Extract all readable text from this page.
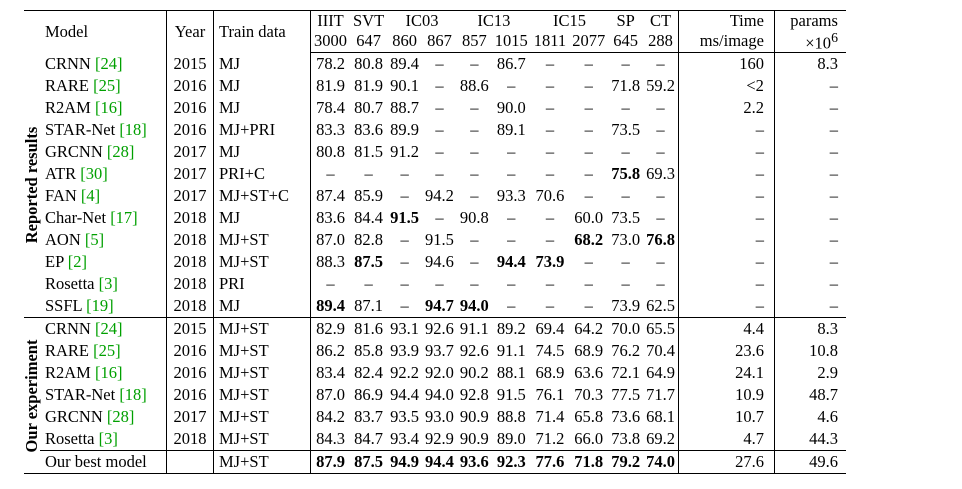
	Model	Year	Train data	IIIT	SVT	IC03		IC13		IC15		SP	CT	Time	params
				3000	647	860	867	857	1015	1811	2077	645	288	ms/image	$\times 10^6$

Reported results	CRNN [24]	2015	MJ	78.2	80.8	89.4	–	–	86.7	–	–	–	–	160	8.3
	RARE [25]	2016	MJ	81.9	81.9	90.1	–	88.6	–	–	–	71.8	59.2	<2	–
	R2AM [16]	2016	MJ	78.4	80.7	88.7	–	–	90.0	–	–	–	–	2.2	–
	STAR-Net [18]	2016	MJ+PRI	83.3	83.6	89.9	–	–	89.1	–	–	73.5	–	–	–
	GRCNN [28]	2017	MJ	80.8	81.5	91.2	–	–	–	–	–	–	–	–	–
	ATR [30]	2017	PRI+C	–	–	–	–	–	–	–	–	75.8	69.3	–	–
	FAN [4]	2017	MJ+ST+C	87.4	85.9	–	94.2	–	93.3	70.6	–	–	–	–	–
	Char-Net [17]	2018	MJ	83.6	84.4	91.5	–	90.8	–	–	60.0	73.5	–	–	–
	AON [5]	2018	MJ+ST	87.0	82.8	–	91.5	–	–	–	68.2	73.0	76.8	–	–
	EP [2]	2018	MJ+ST	88.3	87.5	–	94.6	–	94.4	73.9	–	–	–	–	–
	Rosetta [3]	2018	PRI	–	–	–	–	–	–	–	–	–	–	–	–
	SSFL [19]	2018	MJ	89.4	87.1	–	94.7	94.0	–	–	–	73.9	62.5	–	–

Our experiment	CRNN [24]	2015	MJ+ST	82.9	81.6	93.1	92.6	91.1	89.2	69.4	64.2	70.0	65.5	4.4	8.3
	RARE [25]	2016	MJ+ST	86.2	85.8	93.9	93.7	92.6	91.1	74.5	68.9	76.2	70.4	23.6	10.8
	R2AM [16]	2016	MJ+ST	83.4	82.4	92.2	92.0	90.2	88.1	68.9	63.6	72.1	64.9	24.1	2.9
	STAR-Net [18]	2016	MJ+ST	87.0	86.9	94.4	94.0	92.8	91.5	76.1	70.3	77.5	71.7	10.9	48.7
	GRCNN [28]	2017	MJ+ST	84.2	83.7	93.5	93.0	90.9	88.8	71.4	65.8	73.6	68.1	10.7	4.6
	Rosetta [3]	2018	MJ+ST	84.3	84.7	93.4	92.9	90.9	89.0	71.2	66.0	73.8	69.2	4.7	44.3
	Our best model		MJ+ST	87.9	87.5	94.9	94.4	93.6	92.3	77.6	71.8	79.2	74.0	27.6	49.6
